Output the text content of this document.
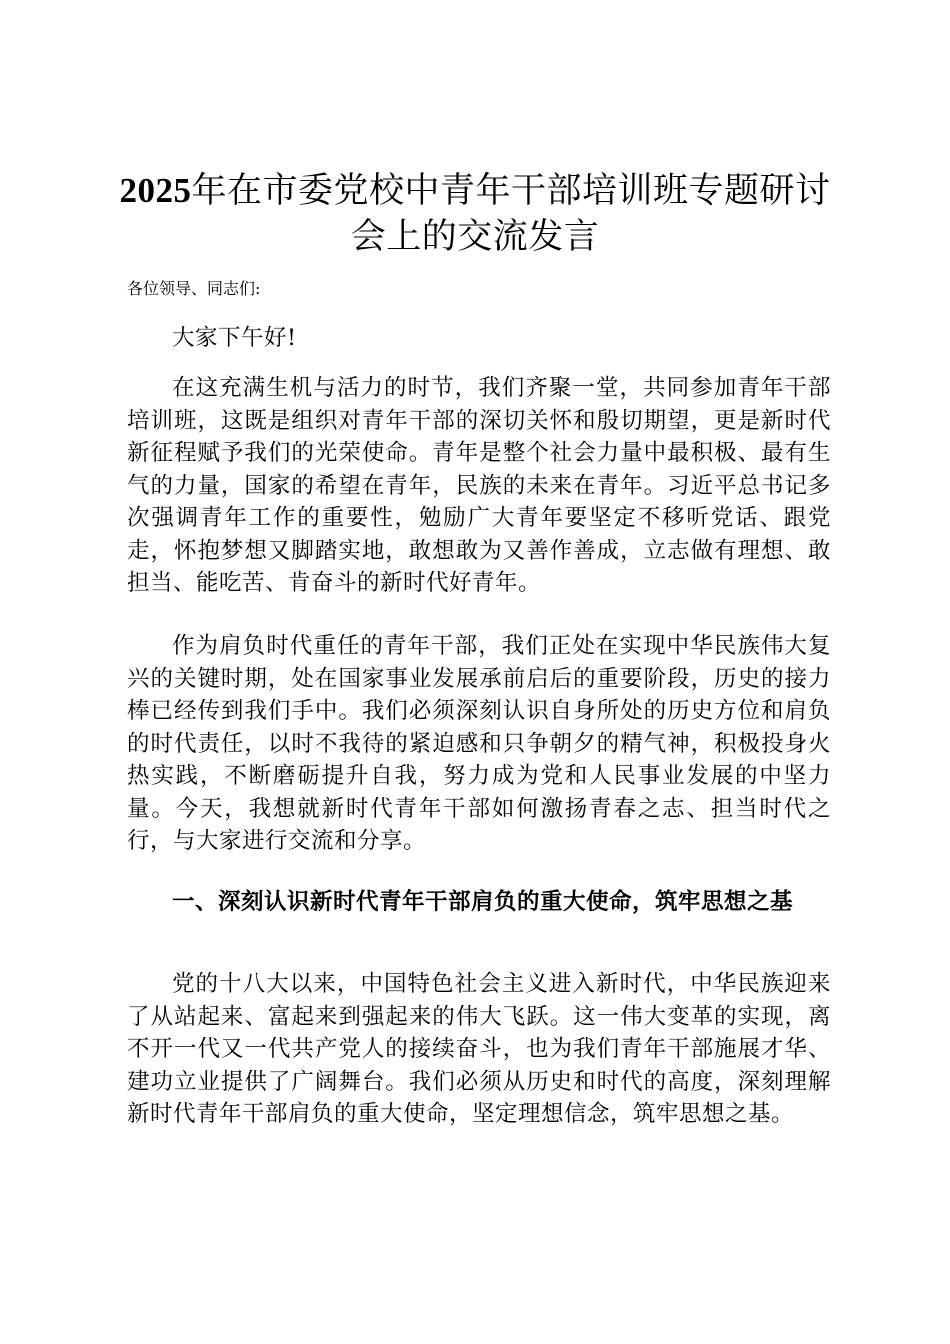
2025年在市委党校中青年干部培训班专题研讨会上的交流发言

各位领导、同志们:

大家下午好!

在这充满生机与活力的时节，我们齐聚一堂，共同参加青年干部培训班，这既是组织对青年干部的深切关怀和殷切期望，更是新时代新征程赋予我们的光荣使命。青年是整个社会力量中最积极、最有生气的力量，国家的希望在青年，民族的未来在青年。习近平总书记多次强调青年工作的重要性，勉励广大青年要坚定不移听党话、跟党走，怀抱梦想又脚踏实地，敢想敢为又善作善成，立志做有理想、敢担当、能吃苦、肯奋斗的新时代好青年。

作为肩负时代重任的青年干部，我们正处在实现中华民族伟大复兴的关键时期，处在国家事业发展承前启后的重要阶段，历史的接力棒已经传到我们手中。我们必须深刻认识自身所处的历史方位和肩负的时代责任，以时不我待的紧迫感和只争朝夕的精气神，积极投身火热实践，不断磨砺提升自我，努力成为党和人民事业发展的中坚力量。今天，我想就新时代青年干部如何激扬青春之志、担当时代之行，与大家进行交流和分享。

一、深刻认识新时代青年干部肩负的重大使命，筑牢思想之基

党的十八大以来，中国特色社会主义进入新时代，中华民族迎来了从站起来、富起来到强起来的伟大飞跃。这一伟大变革的实现，离不开一代又一代共产党人的接续奋斗，也为我们青年干部施展才华、建功立业提供了广阔舞台。我们必须从历史和时代的高度，深刻理解新时代青年干部肩负的重大使命，坚定理想信念，筑牢思想之基。
